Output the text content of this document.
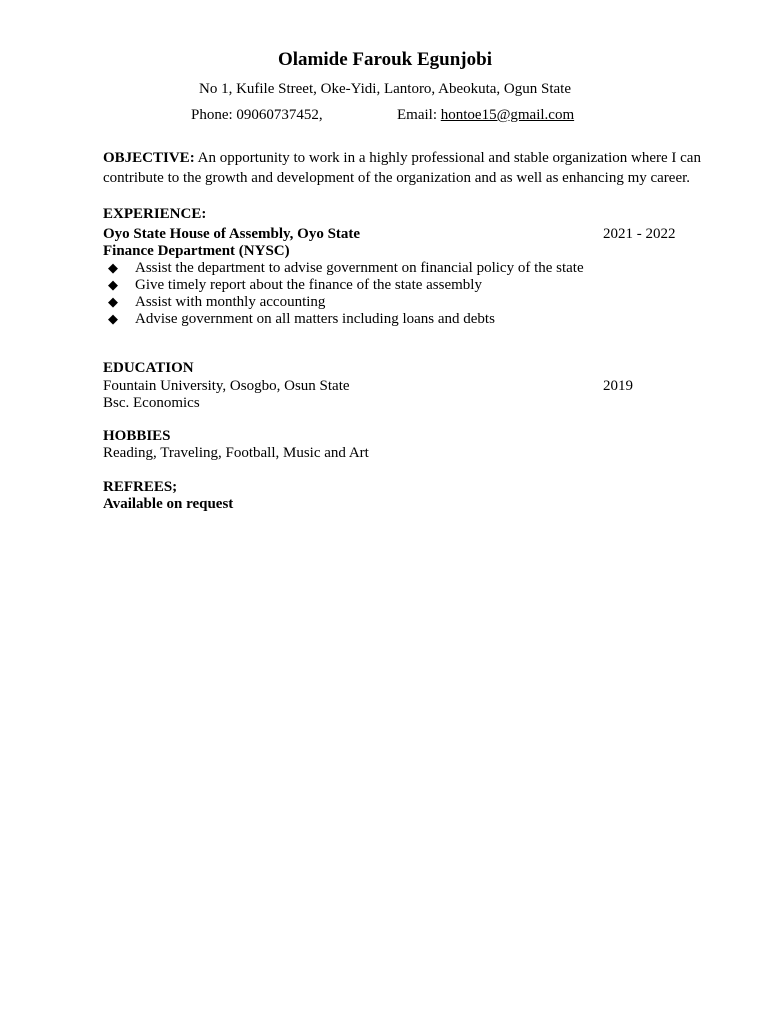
Olamide Farouk Egunjobi
No 1, Kufile Street, Oke-Yidi, Lantoro, Abeokuta, Ogun State
Phone: 09060737452,	Email: hontoe15@gmail.com
OBJECTIVE: An opportunity to work in a highly professional and stable organization where I can contribute to the growth and development of the organization and as well as enhancing my career.
EXPERIENCE:
Oyo State House of Assembly, Oyo State	2021 - 2022
Finance Department (NYSC)
◆ Assist the department to advise government on financial policy of the state
◆ Give timely report about the finance of the state assembly
◆ Assist with monthly accounting
◆ Advise government on all matters including loans and debts
EDUCATION
Fountain University, Osogbo, Osun State	2019
Bsc. Economics
HOBBIES
Reading, Traveling, Football, Music and Art
REFREES;
Available on request
